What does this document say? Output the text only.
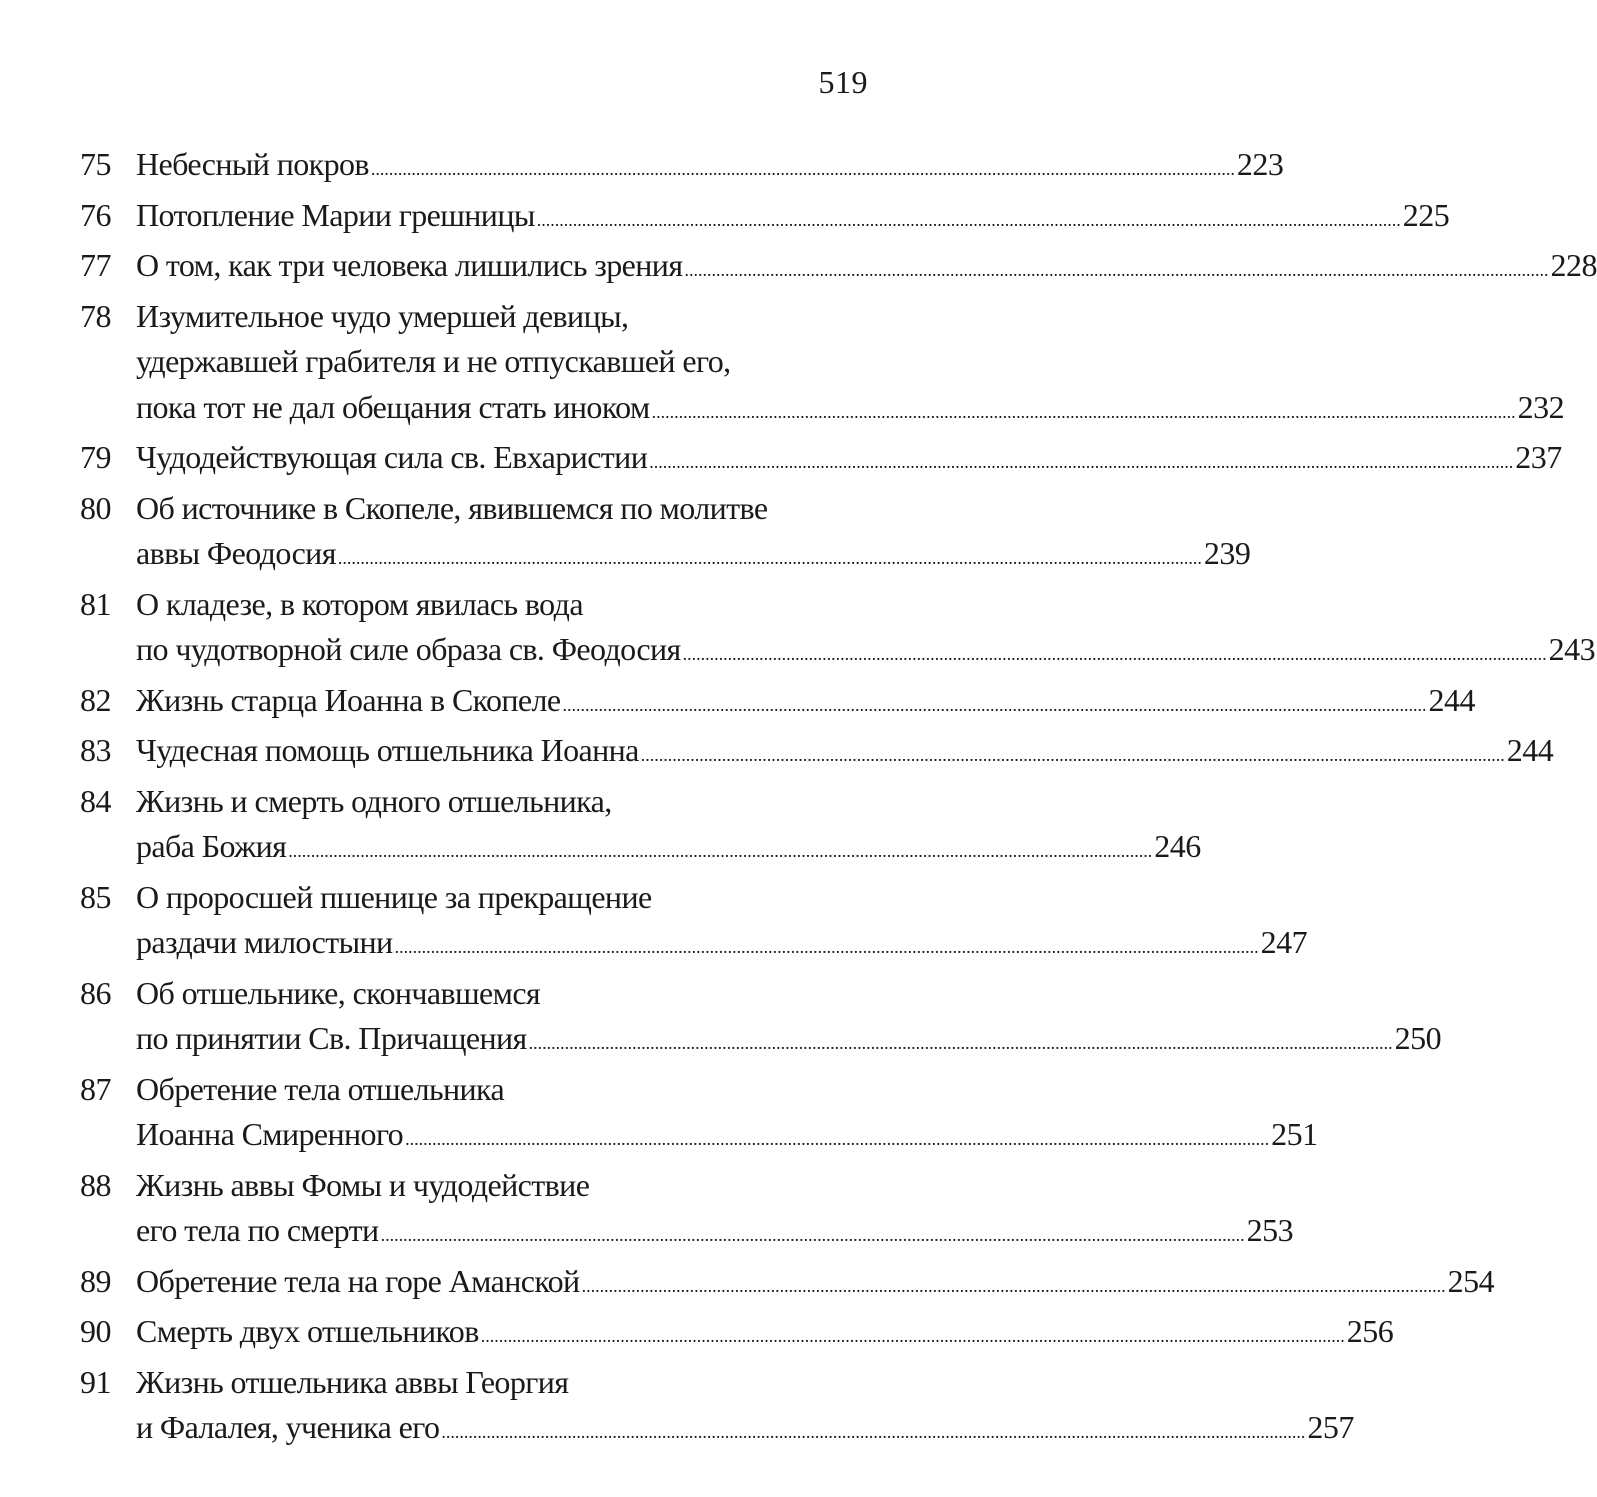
519
75 Небесный покров .....	223
76 Потопление Марии грешницы .....	225
77 О том, как три человека лишились зрения .....	228
78 Изумительное чудо умершей девицы,
удержавшей грабителя и не отпускавшей его,
пока тот не дал обещания стать иноком .....	232
79 Чудодействующая сила св. Евхаристии .....	237
80 Об источнике в Скопеле, явившемся по молитве
аввы Феодосия .....	239
81 О кладезе, в котором явилась вода
по чудотворной силе образа св. Феодосия .....	243
82 Жизнь старца Иоанна в Скопеле .....	244
83 Чудесная помощь отшельника Иоанна .....	244
84 Жизнь и смерть одного отшельника,
раба Божия .....	246
85 О проросшей пшенице за прекращение
раздачи милостыни .....	247
86 Об отшельнике, скончавшемся
по принятии Св. Причащения .....	250
87 Обретение тела отшельника
Иоанна Смиренного .....	251
88 Жизнь аввы Фомы и чудодействие
его тела по смерти .....	253
89 Обретение тела на горе Аманской .....	254
90 Смерть двух отшельников .....	256
91 Жизнь отшельника аввы Георгия
и Фалалея, ученика его .....	257
